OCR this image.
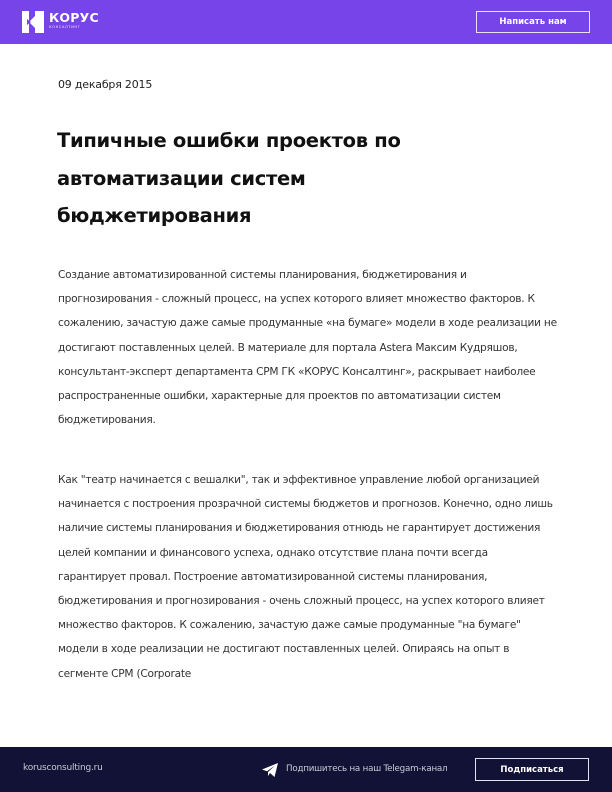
КОРУС
КОНСАЛТИНГ	Написать нам
09 декабря 2015
Типичные ошибки проектов по автоматизации систем бюджетирования

Создание автоматизированной системы планирования, бюджетирования и прогнозирования - сложный процесс, на успех которого влияет множество факторов. К сожалению, зачастую даже самые продуманные «на бумаге» модели в ходе реализации не достигают поставленных целей. В материале для портала Astera Максим Кудряшов, консультант-эксперт департамента CPM ГК «КОРУС Консалтинг», раскрывает наиболее распространенные ошибки, характерные для проектов по автоматизации систем бюджетирования.

Как "театр начинается с вешалки", так и эффективное управление любой организацией начинается с построения прозрачной системы бюджетов и прогнозов. Конечно, одно лишь наличие системы планирования и бюджетирования отнюдь не гарантирует достижения целей компании и финансового успеха, однако отсутствие плана почти всегда гарантирует провал. Построение автоматизированной системы планирования, бюджетирования и прогнозирования - очень сложный процесс, на успех которого влияет множество факторов. К сожалению, зачастую даже самые продуманные "на бумаге" модели в ходе реализации не достигают поставленных целей. Опираясь на опыт в сегменте CPM (Corporate

korusconsulting.ru	Подпишитесь на наш Telegam-канал	Подписаться
